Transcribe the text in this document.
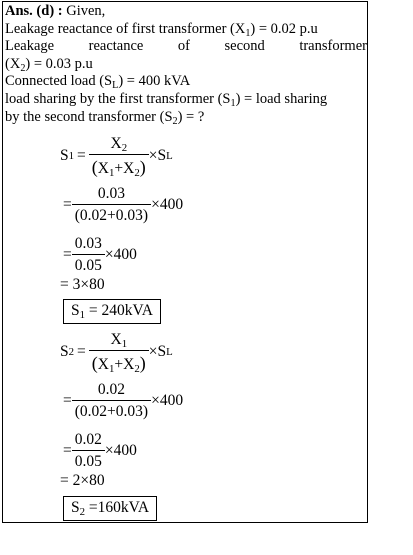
Ans. (d) : Given,
Leakage reactance of first transformer $(X_1) = 0.02$ p.u
Leakage reactance of second transformer
$(X_2) = 0.03$ p.u
Connected load $(S_L) = 400$ kVA
load sharing by the first transformer $(S_1)$ = load sharing
by the second transformer $(S_2)$ = ?
S $1 = \frac{X_2}{(X_1+X_2)} \times S$ L
= $\frac{0.03}{(0.02+0.03)} \times 400$
= $\frac{0.03}{0.05} \times 400$
= 3×80
$S_1 = 240kVA$
S $2 = \frac{X_1}{(X_1+X_2)} \times S$ L
= $\frac{0.02}{(0.02+0.03)} \times 400$
= $\frac{0.02}{0.05} \times 400$
= 2×80
$S_2 =160kVA$
